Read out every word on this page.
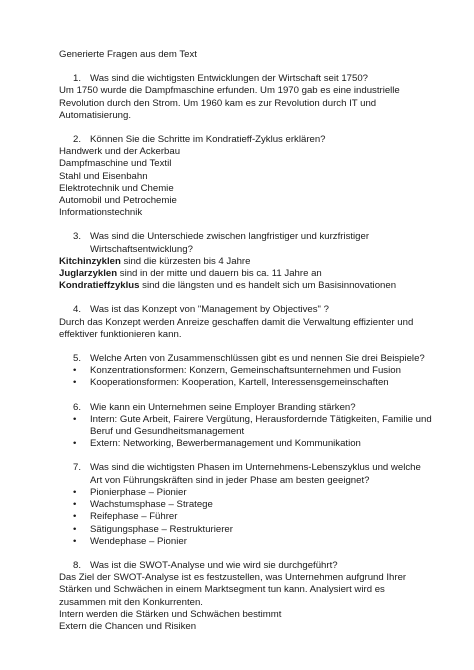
Generierte Fragen aus dem Text

1. Was sind die wichtigsten Entwicklungen der Wirtschaft seit 1750?

Um 1750 wurde die Dampfmaschine erfunden. Um 1970 gab es eine industrielle Revolution durch den Strom. Um 1960 kam es zur Revolution durch IT und Automatisierung.

2. Können Sie die Schritte im Kondratieff-Zyklus erklären?

Handwerk und der Ackerbau

Dampfmaschine und Textil

Stahl und Eisenbahn

Elektrotechnik und Chemie

Automobil und Petrochemie

Informationstechnik

3. Was sind die Unterschiede zwischen langfristiger und kurzfristiger Wirtschaftsentwicklung?

Kitchinzyklen sind die kürzesten bis 4 Jahre

Juglarzyklen sind in der mitte und dauern bis ca. 11 Jahre an

Kondratieffzyklus sind die längsten und es handelt sich um Basisinnovationen

4. Was ist das Konzept von "Management by Objectives" ?

Durch das Konzept werden Anreize geschaffen damit die Verwaltung effizienter und effektiver funktionieren kann.

5. Welche Arten von Zusammenschlüssen gibt es und nennen Sie drei Beispiele?
•	Konzentrationsformen: Konzern, Gemeinschaftsunternehmen und Fusion
•	Kooperationsformen: Kooperation, Kartell, Interessensgemeinschaften
6. Wie kann ein Unternehmen seine Employer Branding stärken?
•	Intern: Gute Arbeit, Fairere Vergütung, Herausfordernde Tätigkeiten, Familie und Beruf und Gesundheitsmanagement
•	Extern: Networking, Bewerbermanagement und Kommunikation
7. Was sind die wichtigsten Phasen im Unternehmens-Lebenszyklus und welche Art von Führungskräften sind in jeder Phase am besten geeignet?
•	Pionierphase – Pionier
•	Wachstumsphase – Stratege
•	Reifephase – Führer
•	Sätigungsphase – Restrukturierer
•	Wendephase – Pionier
8. Was ist die SWOT-Analyse und wie wird sie durchgeführt?

Das Ziel der SWOT-Analyse ist es festzustellen, was Unternehmen aufgrund Ihrer Stärken und Schwächen in einem Marktsegment tun kann. Analysiert wird es zusammen mit den Konkurrenten.

Intern werden die Stärken und Schwächen bestimmt

Extern die Chancen und Risiken
